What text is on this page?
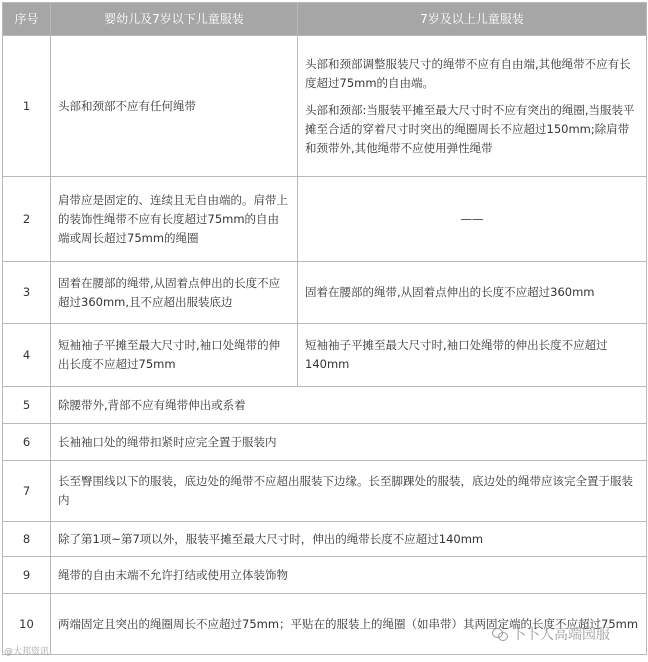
序号	婴幼儿及7岁以下儿童服装	7岁及以上儿童服装
1	头部和颈部不应有任何绳带	头部和颈部调整服装尺寸的绳带不应有自由端,其他绳带不应有长度超过75mm的自由端。

头部和颈部:当服装平摊至最大尺寸时不应有突出的绳圈,当服装平摊至合适的穿着尺寸时突出的绳圈周长不应超过150mm;除肩带和颈带外,其他绳带不应使用弹性绳带

2	肩带应是固定的、连续且无自由端的。肩带上的装饰性绳带不应有长度超过75mm的自由端或周长超过75mm的绳圈	——
3	固着在腰部的绳带,从固着点伸出的长度不应超过360mm,且不应超出服装底边	固着在腰部的绳带,从固着点伸出的长度不应超过360mm
4	短袖袖子平摊至最大尺寸时,袖口处绳带的伸出长度不应超过75mm	短袖袖子平摊至最大尺寸时,袖口处绳带的伸出长度不应超过140mm
5	除腰带外,背部不应有绳带伸出或系着	
6	长袖袖口处的绳带扣紧时应完全置于服装内	
7	长至臀围线以下的服装，底边处的绳带不应超出服装下边缘。长至脚踝处的服装，底边处的绳带应该完全置于服装内	
8	除了第1项~第7项以外，服装平摊至最大尺寸时，伸出的绳带长度不应超过140mm	
9	绳带的自由末端不允许打结或使用立体装饰物	
10	两端固定且突出的绳圈周长不应超过75mm；平贴在的服装上的绳圈（如串带）其两固定端的长度不应超过75mm	
@大邦资讯
卜卜人高端园服
